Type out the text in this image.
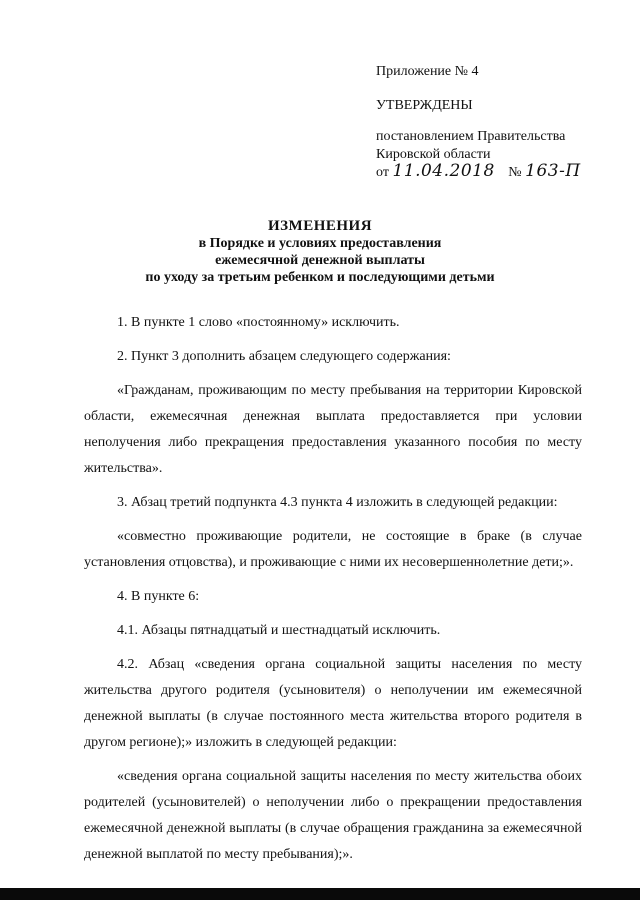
Приложение № 4
УТВЕРЖДЕНЫ
постановлением Правительства
Кировской области
от 11.04.2018 № 163-П
ИЗМЕНЕНИЯ
в Порядке и условиях предоставления
ежемесячной денежной выплаты
по уходу за третьим ребенком и последующими детьми

1. В пункте 1 слово «постоянному» исключить.

2. Пункт 3 дополнить абзацем следующего содержания:

«Гражданам, проживающим по месту пребывания на территории Кировской области, ежемесячная денежная выплата предоставляется при условии неполучения либо прекращения предоставления указанного пособия по месту жительства».

3. Абзац третий подпункта 4.3 пункта 4 изложить в следующей редакции:

«совместно проживающие родители, не состоящие в браке (в случае установления отцовства), и проживающие с ними их несовершеннолетние дети;».

4. В пункте 6:

4.1. Абзацы пятнадцатый и шестнадцатый исключить.

4.2. Абзац «сведения органа социальной защиты населения по месту жительства другого родителя (усыновителя) о неполучении им ежемесячной денежной выплаты (в случае постоянного места жительства второго родителя в другом регионе);» изложить в следующей редакции:

«сведения органа социальной защиты населения по месту жительства обоих родителей (усыновителей) о неполучении либо о прекращении предоставления ежемесячной денежной выплаты (в случае обращения гражданина за ежемесячной денежной выплатой по месту пребывания);».
